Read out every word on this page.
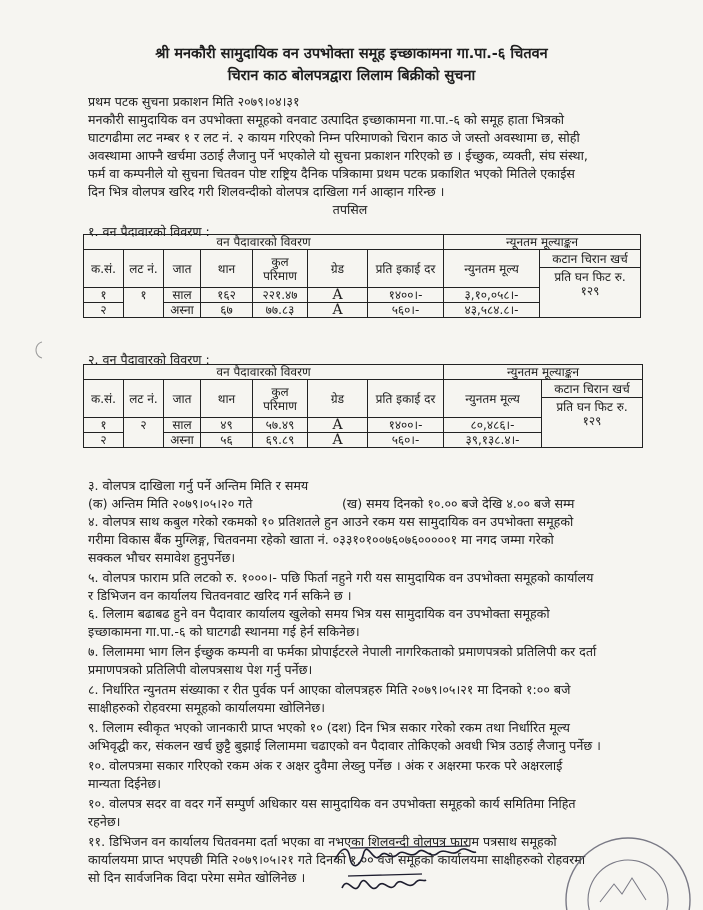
श्री मनकौरी सामुदायिक वन उपभोक्ता समूह इच्छाकामना गा.पा.-६ चितवन
चिरान काठ बोलपत्रद्वारा लिलाम बिक्रीको सुचना
प्रथम पटक सुचना प्रकाशन मिति २०७९।०४।३१
मनकौरी सामुदायिक वन उपभोक्ता समूहको वनवाट उत्पादित इच्छाकामना गा.पा.-६ को समूह हाता भित्रको
घाटगढीमा लट नम्बर १ र लट नं. २ कायम गरिएको निम्न परिमाणको चिरान काठ जे जस्तो अवस्थामा छ, सोही
अवस्थामा आफ्नै खर्चमा उठाई लैजानु पर्ने भएकोले यो सुचना प्रकाशन गरिएको छ । ईच्छुक, व्यक्ती, संघ संस्था,
फर्म वा कम्पनीले यो सुचना चितवन पोष्ट राष्ट्रिय दैनिक पत्रिकामा प्रथम पटक प्रकाशित भएको मितिले एकाईस
दिन भित्र वोलपत्र खरिद गरी शिलवन्दीको वोलपत्र दाखिला गर्न आव्हान गरिन्छ ।
तपसिल
१. वन पैदावारको विवरण :
वन पैदावारको विवरण							न्यूनतम मूल्याङ्कन	
क.सं.	लट नं.	जात	थान	कुल परिमाण	ग्रेड	प्रति इकाई दर	न्युनतम मूल्य	कटान चिरान खर्च
प्रति घन फिट रु. १२९

१	१	साल	१६२	२२१.४७	A	१४००।-	३,१०,०५८।-	
२		अस्ना	६७	७७.८३	A	५६०।-	४३,५८४.८।-	
२. वन पैदावारको विवरण :
वन पैदावारको विवरण							न्युनतम मूल्याङ्कन	
क.सं.	लट नं.	जात	थान	कुल परिमाण	ग्रेड	प्रति इकाई दर	न्युनतम मूल्य	कटान चिरान खर्च
प्रति घन फिट रु. १२९

१	२	साल	४९	५७.४९	A	१४००।-	८०,४८६।-	
२		अस्ना	५६	६९.८९	A	५६०।-	३९,१३८.४।-	
३. वोलपत्र दाखिला गर्नु पर्ने अन्तिम मिति र समय
(क) अन्तिम मिति २०७९।०५।२० गते	(ख) समय दिनको १०.०० बजे देखि ४.०० बजे सम्म
४. वोलपत्र साथ कबुल गरेको रकमको १० प्रतिशतले हुन आउने रकम यस सामुदायिक वन उपभोक्ता समूहको
गरीमा विकास बैंक मुग्लिङ्ग, चितवनमा रहेको खाता नं. ०३३१०१००७६०७६०००००१ मा नगद जम्मा गरेको
सक्कल भौचर समावेश हुनुपर्नेछ।
५. वोलपत्र फाराम प्रति लटको रु. १०००।- पछि फिर्ता नहुने गरी यस सामुदायिक वन उपभोक्ता समूहको कार्यालय
र डिभिजन वन कार्यालय चितवनवाट खरिद गर्न सकिने छ ।
६. लिलाम बढाबढ हुने वन पैदावार कार्यालय खुलेको समय भित्र यस सामुदायिक वन उपभोक्ता समूहको
इच्छाकामना गा.पा.-६ को घाटगढी स्थानमा गई हेर्न सकिनेछ।
७. लिलाममा भाग लिन ईच्छुक कम्पनी वा फर्मका प्रोपाईटरले नेपाली नागरिकताको प्रमाणपत्रको प्रतिलिपी कर दर्ता
प्रमाणपत्रको प्रतिलिपी वोलपत्रसाथ पेश गर्नु पर्नेछ।
८. निर्धारित न्युनतम संख्याका र रीत पुर्वक पर्न आएका वोलपत्रहरु मिति २०७९।०५।२१ मा दिनको १:०० बजे
साक्षीहरुको रोहवरमा समूहको कार्यालयमा खोलिनेछ।
९. लिलाम स्वीकृत भएको जानकारी प्राप्त भएको १० (दश) दिन भित्र सकार गरेको रकम तथा निर्धारित मूल्य
अभिवृद्घी कर, संकलन खर्च छुट्टै बुझाई लिलाममा चढाएको वन पैदावार तोकिएको अवधी भित्र उठाई लैजानु पर्नेछ ।
१०. वोलपत्रमा सकार गरिएको रकम अंक र अक्षर दुवैमा लेख्नु पर्नेछ । अंक र अक्षरमा फरक परे अक्षरलाई
मान्यता दिईनेछ।
१०. वोलपत्र सदर वा वदर गर्ने सम्पुर्ण अधिकार यस सामुदायिक वन उपभोक्ता समूहको कार्य समितिमा निहित
रहनेछ।
११. डिभिजन वन कार्यालय चितवनमा दर्ता भएका वा नभएका शिलवन्दी वोलपत्र फाराम पत्रसाथ समूहको
कार्यालयमा प्राप्त भएपछी मिति २०७९।०५।२१ गते दिनको १.०० वजे समूहको कार्यालयमा साक्षीहरुको रोहवरमा
सो दिन सार्वजनिक विदा परेमा समेत खोलिनेछ ।
